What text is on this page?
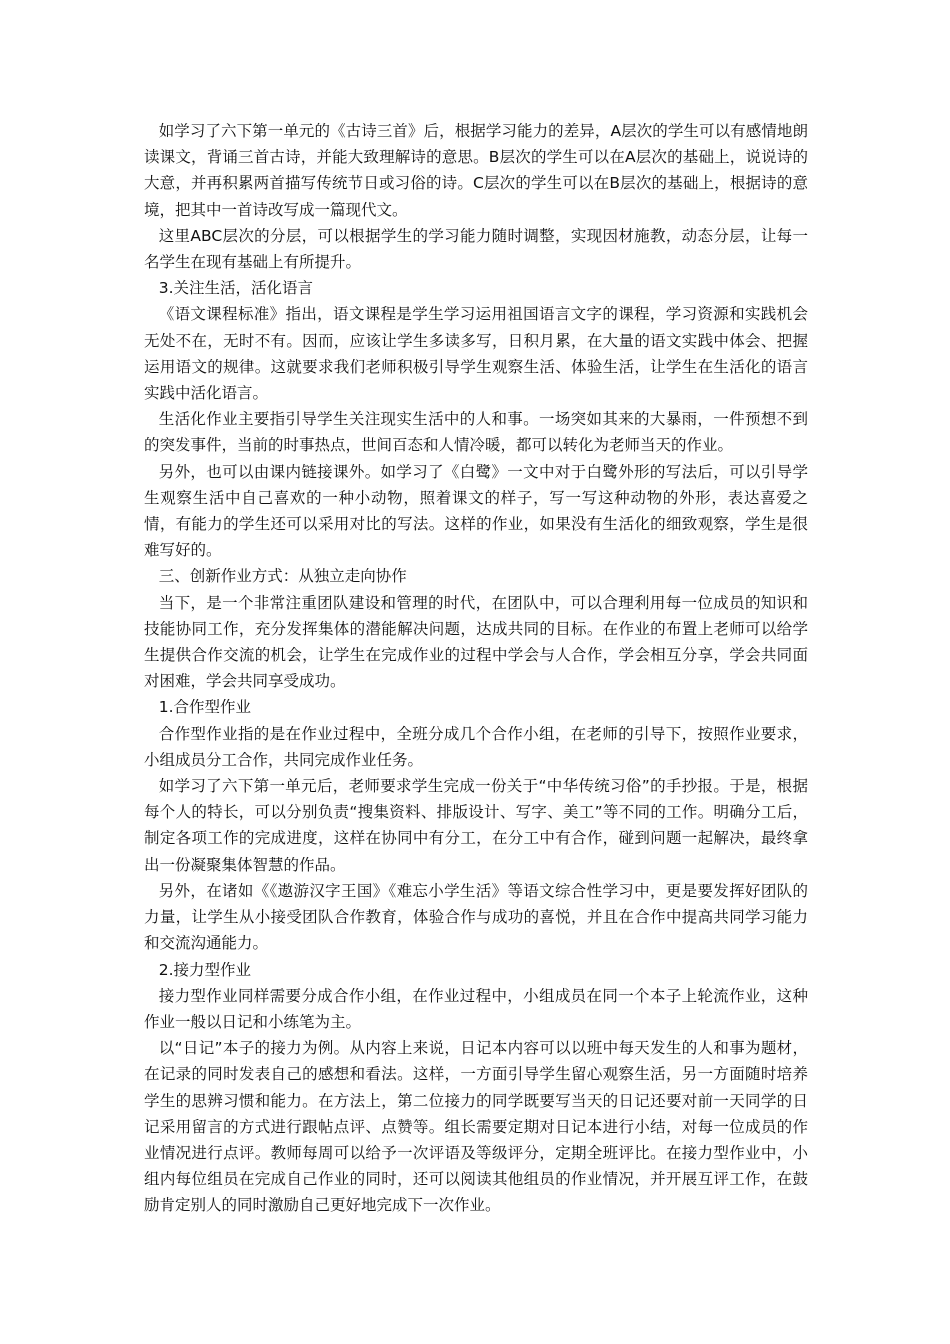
如学习了六下第一单元的《古诗三首》后，根据学习能力的差异，A层次的学生可以有感情地朗读课文，背诵三首古诗，并能大致理解诗的意思。B层次的学生可以在A层次的基础上，说说诗的大意，并再积累两首描写传统节日或习俗的诗。C层次的学生可以在B层次的基础上，根据诗的意境，把其中一首诗改写成一篇现代文。

这里ABC层次的分层，可以根据学生的学习能力随时调整，实现因材施教，动态分层，让每一名学生在现有基础上有所提升。

3.关注生活，活化语言

《语文课程标准》指出，语文课程是学生学习运用祖国语言文字的课程，学习资源和实践机会无处不在，无时不有。因而，应该让学生多读多写，日积月累，在大量的语文实践中体会、把握运用语文的规律。这就要求我们老师积极引导学生观察生活、体验生活，让学生在生活化的语言实践中活化语言。

生活化作业主要指引导学生关注现实生活中的人和事。一场突如其来的大暴雨，一件预想不到的突发事件，当前的时事热点，世间百态和人情冷暖，都可以转化为老师当天的作业。

另外，也可以由课内链接课外。如学习了《白鹭》一文中对于白鹭外形的写法后，可以引导学生观察生活中自己喜欢的一种小动物，照着课文的样子，写一写这种动物的外形，表达喜爱之情，有能力的学生还可以采用对比的写法。这样的作业，如果没有生活化的细致观察，学生是很难写好的。

三、创新作业方式：从独立走向协作

当下，是一个非常注重团队建设和管理的时代，在团队中，可以合理利用每一位成员的知识和技能协同工作，充分发挥集体的潜能解决问题，达成共同的目标。在作业的布置上老师可以给学生提供合作交流的机会，让学生在完成作业的过程中学会与人合作，学会相互分享，学会共同面对困难，学会共同享受成功。

1.合作型作业

合作型作业指的是在作业过程中，全班分成几个合作小组，在老师的引导下，按照作业要求，小组成员分工合作，共同完成作业任务。

如学习了六下第一单元后，老师要求学生完成一份关于“中华传统习俗”的手抄报。于是，根据每个人的特长，可以分别负责“搜集资料、排版设计、写字、美工”等不同的工作。明确分工后，制定各项工作的完成进度，这样在协同中有分工，在分工中有合作，碰到问题一起解决，最终拿出一份凝聚集体智慧的作品。

另外，在诸如《《遨游汉字王国》《难忘小学生活》等语文综合性学习中，更是要发挥好团队的力量，让学生从小接受团队合作教育，体验合作与成功的喜悦，并且在合作中提高共同学习能力和交流沟通能力。

2.接力型作业

接力型作业同样需要分成合作小组，在作业过程中，小组成员在同一个本子上轮流作业，这种作业一般以日记和小练笔为主。

以“日记”本子的接力为例。从内容上来说，日记本内容可以以班中每天发生的人和事为题材，在记录的同时发表自己的感想和看法。这样，一方面引导学生留心观察生活，另一方面随时培养学生的思辨习惯和能力。在方法上，第二位接力的同学既要写当天的日记还要对前一天同学的日记采用留言的方式进行跟帖点评、点赞等。组长需要定期对日记本进行小结，对每一位成员的作业情况进行点评。教师每周可以给予一次评语及等级评分，定期全班评比。在接力型作业中，小组内每位组员在完成自己作业的同时，还可以阅读其他组员的作业情况，并开展互评工作，在鼓励肯定别人的同时激励自己更好地完成下一次作业。
